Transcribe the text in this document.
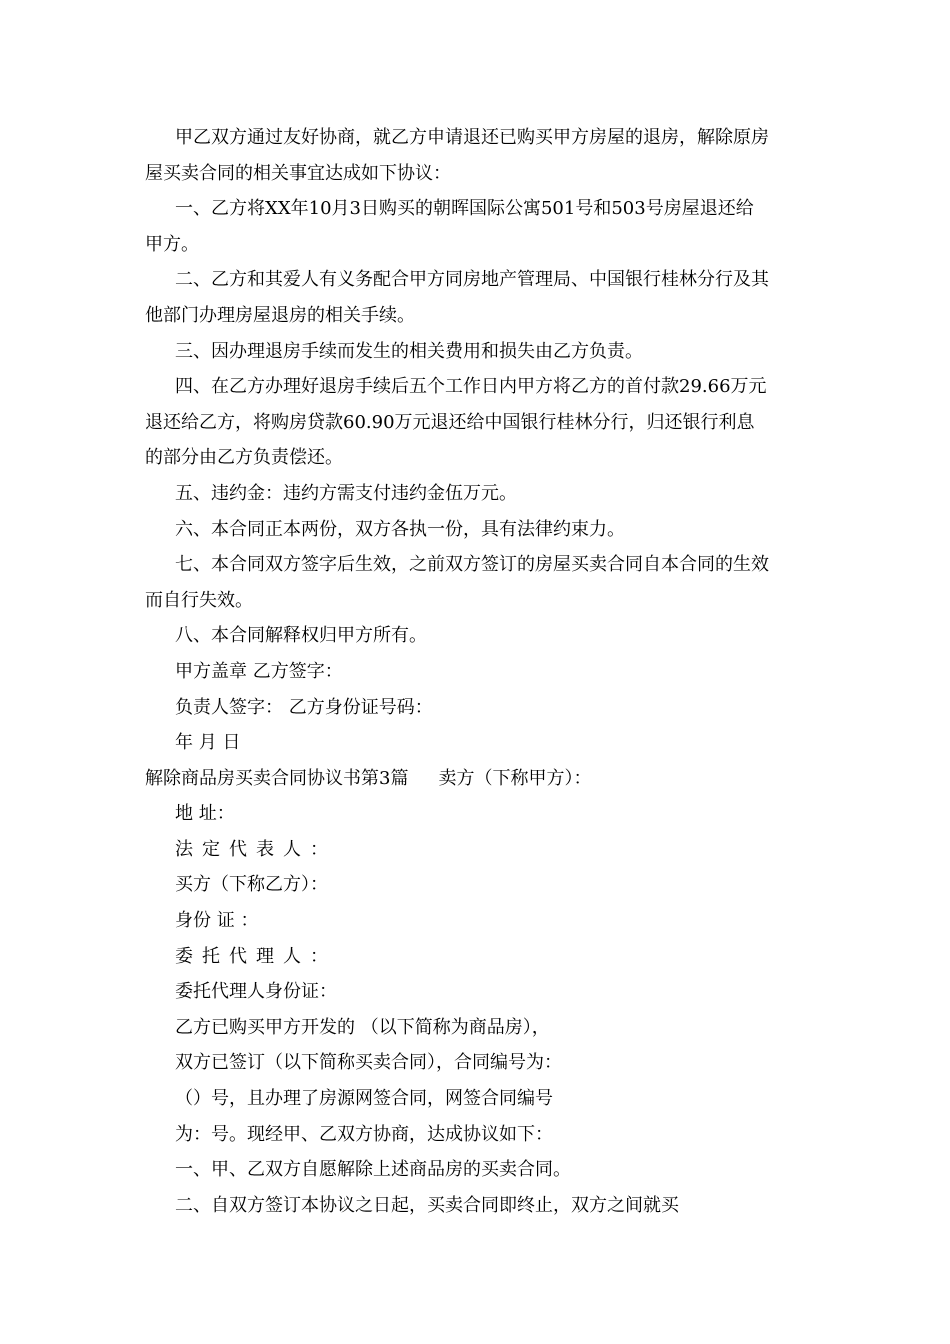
甲乙双方通过友好协商，就乙方申请退还已购买甲方房屋的退房，解除原房
屋买卖合同的相关事宜达成如下协议：
一、乙方将XX年10月3日购买的朝晖国际公寓501号和503号房屋退还给
甲方。
二、乙方和其爱人有义务配合甲方同房地产管理局、中国银行桂林分行及其
他部门办理房屋退房的相关手续。
三、因办理退房手续而发生的相关费用和损失由乙方负责。
四、在乙方办理好退房手续后五个工作日内甲方将乙方的首付款29.66万元
退还给乙方，将购房贷款60.90万元退还给中国银行桂林分行，归还银行利息
的部分由乙方负责偿还。
五、违约金：违约方需支付违约金伍万元。
六、本合同正本两份，双方各执一份，具有法律约束力。
七、本合同双方签字后生效，之前双方签订的房屋买卖合同自本合同的生效
而自行失效。
八、本合同解释权归甲方所有。
甲方盖章 乙方签字：
负责人签字： 乙方身份证号码：
年 月 日
解除商品房买卖合同协议书第3篇 卖方（下称甲方）：
地 址：
法定代表人：
买方（下称乙方）：
身份 证 ：
委托代理人：
委托代理人身份证：
乙方已购买甲方开发的 （以下简称为商品房），
双方已签订（以下简称买卖合同），合同编号为：
（）号，且办理了房源网签合同，网签合同编号
为：号。现经甲、乙双方协商，达成协议如下：
一、甲、乙双方自愿解除上述商品房的买卖合同。
二、自双方签订本协议之日起，买卖合同即终止，双方之间就买
